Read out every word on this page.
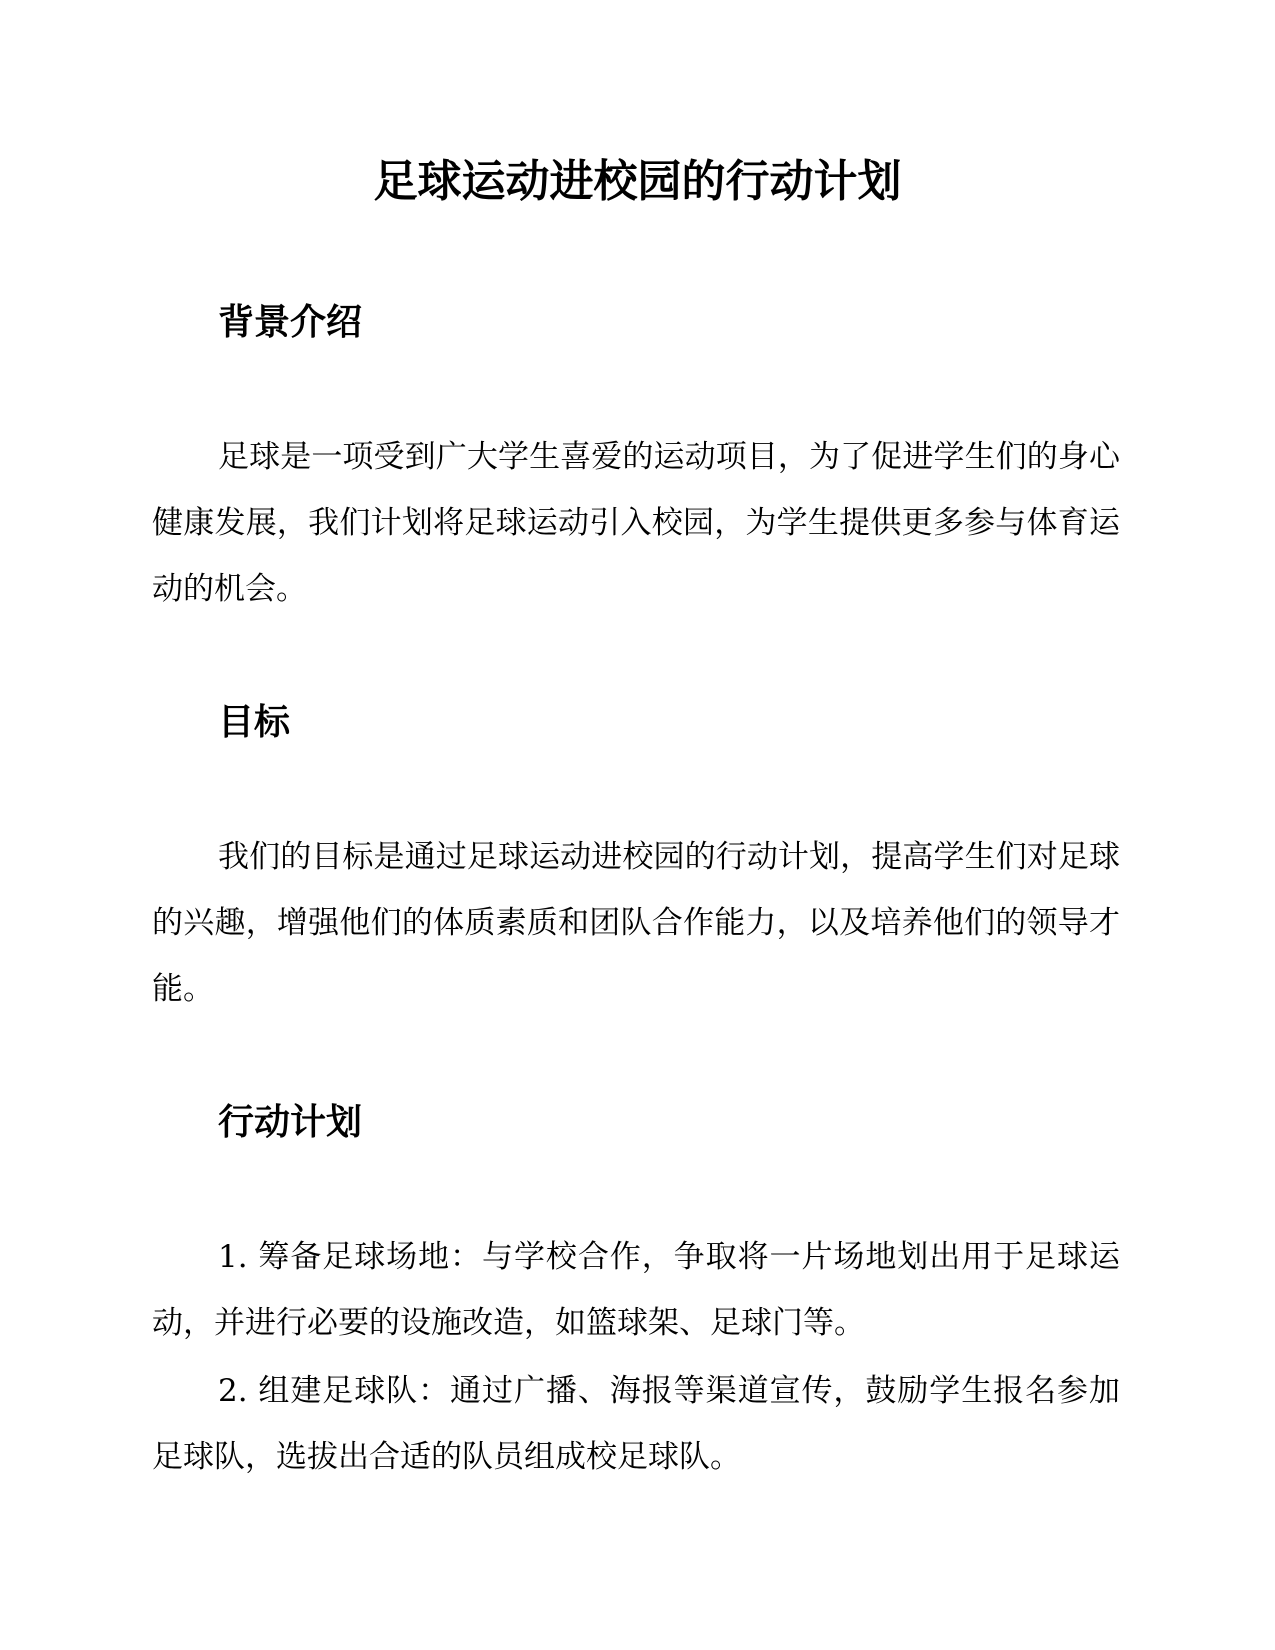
足球运动进校园的行动计划
背景介绍

足球是一项受到广大学生喜爱的运动项目，为了促进学生们的身心健康发展，我们计划将足球运动引入校园，为学生提供更多参与体育运动的机会。

目标

我们的目标是通过足球运动进校园的行动计划，提高学生们对足球的兴趣，增强他们的体质素质和团队合作能力，以及培养他们的领导才能。

行动计划

1. 筹备足球场地：与学校合作，争取将一片场地划出用于足球运动，并进行必要的设施改造，如篮球架、足球门等。

2. 组建足球队：通过广播、海报等渠道宣传，鼓励学生报名参加足球队，选拔出合适的队员组成校足球队。
